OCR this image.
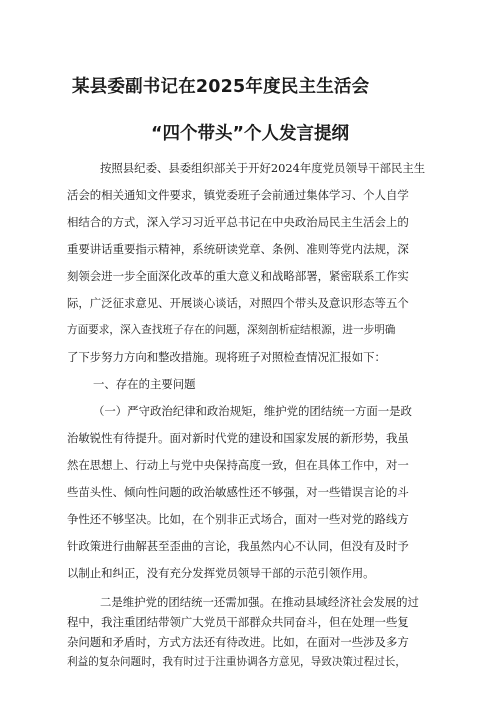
某县委副书记在2025年度民主生活会
“四个带头”个人发言提纲
按照县纪委、县委组织部关于开好2024年度党员领导干部民主生
活会的相关通知文件要求，镇党委班子会前通过集体学习、个人自学
相结合的方式，深入学习习近平总书记在中央政治局民主生活会上的
重要讲话重要指示精神，系统研读党章、条例、准则等党内法规，深
刻领会进一步全面深化改革的重大意义和战略部署，紧密联系工作实
际，广泛征求意见、开展谈心谈话，对照四个带头及意识形态等五个
方面要求，深入查找班子存在的问题，深刻剖析症结根源，进一步明确
了下步努力方向和整改措施。现将班子对照检查情况汇报如下：
一、存在的主要问题
（一）严守政治纪律和政治规矩，维护党的团结统一方面一是政
治敏锐性有待提升。面对新时代党的建设和国家发展的新形势，我虽
然在思想上、行动上与党中央保持高度一致，但在具体工作中，对一
些苗头性、倾向性问题的政治敏感性还不够强，对一些错误言论的斗
争性还不够坚决。比如，在个别非正式场合，面对一些对党的路线方
针政策进行曲解甚至歪曲的言论，我虽然内心不认同，但没有及时予
以制止和纠正，没有充分发挥党员领导干部的示范引领作用。
二是维护党的团结统一还需加强。在推动县域经济社会发展的过
程中，我注重团结带领广大党员干部群众共同奋斗，但在处理一些复
杂问题和矛盾时，方式方法还有待改进。比如，在面对一些涉及多方
利益的复杂问题时，我有时过于注重协调各方意见，导致决策过程过长，
